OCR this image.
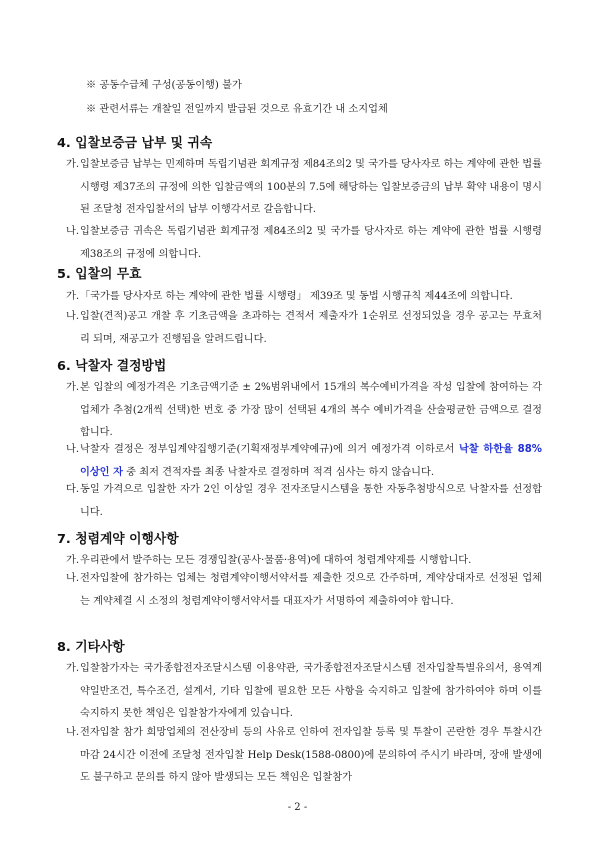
※ 공동수급체 구성(공동이행) 불가
※ 관련서류는 개찰일 전일까지 발급된 것으로 유효기간 내 소지업체
4. 입찰보증금 납부 및 귀속
가. 입찰보증금 납부는 민제하며 독립기념관 회계규정 제84조의2 및 국가를 당사자로 하는 계약에 관한 법률 시행령 제37조의 규정에 의한 입찰금액의 100분의 7.5에 해당하는 입찰보증금의 납부 확약 내용이 명시된 조달청 전자입찰서의 납부 이행각서로 갈음합니다.
나. 입찰보증금 귀속은 독립기념관 회계규정 제84조의2 및 국가를 당사자로 하는 계약에 관한 법률 시행령 제38조의 규정에 의합니다.
5. 입찰의 무효
가. 「국가를 당사자로 하는 계약에 관한 법률 시행령」 제39조 및 동법 시행규칙 제44조에 의합니다.
나. 입찰(견적)공고 개찰 후 기초금액을 초과하는 견적서 제출자가 1순위로 선정되었을 경우 공고는 무효처리 되며, 재공고가 진행됨을 알려드립니다.
6. 낙찰자 결정방법
가. 본 입찰의 예정가격은 기초금액기준 ± 2%범위내에서 15개의 복수예비가격을 작성 입찰에 참여하는 각 업체가 추첨(2개씩 선택)한 번호 중 가장 많이 선택된 4개의 복수 예비가격을 산술평균한 금액으로 결정합니다.
나. 낙찰자 결정은 정부입계약집행기준(기획재정부계약예규)에 의거 예정가격 이하로서 낙찰 하한율 88% 이상인 자 중 최저 견적자를 최종 낙찰자로 결정하며 적격 심사는 하지 않습니다.
다. 동일 가격으로 입찰한 자가 2인 이상일 경우 전자조달시스템을 통한 자동추첨방식으로 낙찰자를 선정합니다.
7. 청렴계약 이행사항
가. 우리관에서 발주하는 모든 경쟁입찰(공사·물품·용역)에 대하여 청렴계약제를 시행합니다.
나. 전자입찰에 참가하는 업체는 청렴계약이행서약서를 제출한 것으로 간주하며, 계약상대자로 선정된 업체는 계약체결 시 소정의 청렴계약이행서약서를 대표자가 서명하여 제출하여야 합니다.
8. 기타사항
가. 입찰참가자는 국가종합전자조달시스템 이용약관, 국가종합전자조달시스템 전자입찰특별유의서, 용역계약일반조건, 특수조건, 설계서, 기타 입찰에 필요한 모든 사항을 숙지하고 입찰에 참가하여야 하며 이를 숙지하지 못한 책임은 입찰참가자에게 있습니다.
나. 전자입찰 참가 희망업체의 전산장비 등의 사유로 인하여 전자입찰 등록 및 투찰이 곤란한 경우 투찰시간 마감 24시간 이전에 조달청 전자입찰 Help Desk(1588-0800)에 문의하여 주시기 바라며, 장애 발생에도 불구하고 문의를 하지 않아 발생되는 모든 책임은 입찰참가
- 2 -
